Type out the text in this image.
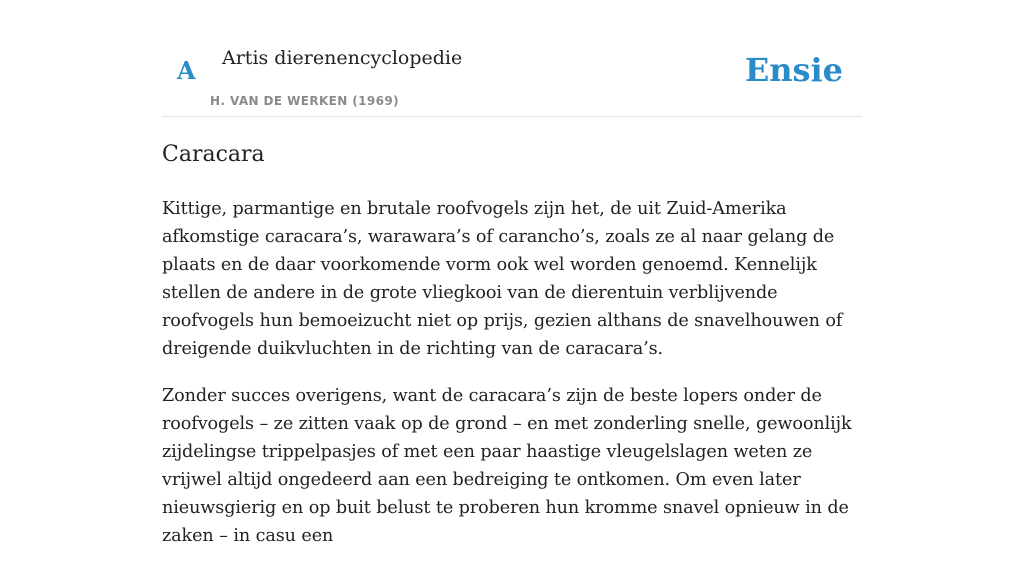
A Artis dierenencyclopedie
H. VAN DE WERKEN (1969)
Ensie
Caracara

Kittige, parmantige en brutale roofvogels zijn het, de uit Zuid-Amerika afkomstige caracara’s, warawara’s of carancho’s, zoals ze al naar gelang de plaats en de daar voorkomende vorm ook wel worden genoemd. Kennelijk stellen de andere in de grote vliegkooi van de dierentuin verblijvende roofvogels hun bemoeizucht niet op prijs, gezien althans de snavelhouwen of dreigende duikvluchten in de richting van de caracara’s.

Zonder succes overigens, want de caracara’s zijn de beste lopers onder de roofvogels – ze zitten vaak op de grond – en met zonderling snelle, gewoonlijk zijdelingse trippelpasjes of met een paar haastige vleugelslagen weten ze vrijwel altijd ongedeerd aan een bedreiging te ontkomen. Om even later nieuwsgierig en op buit belust te proberen hun kromme snavel opnieuw in de zaken – in casu een
